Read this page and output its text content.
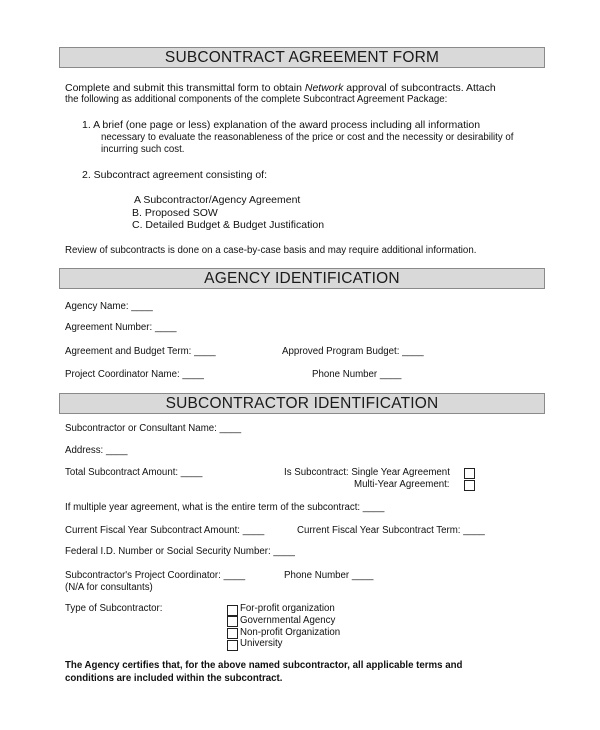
SUBCONTRACT AGREEMENT FORM
Complete and submit this transmittal form to obtain Network approval of subcontracts. Attach
the following as additional components of the complete Subcontract Agreement Package:
1. A brief (one page or less) explanation of the award process including all information
necessary to evaluate the reasonableness of the price or cost and the necessity or desirability of
incurring such cost.
2. Subcontract agreement consisting of:
A Subcontractor/Agency Agreement
B. Proposed SOW
C. Detailed Budget & Budget Justification
Review of subcontracts is done on a case-by-case basis and may require additional information.
AGENCY IDENTIFICATION
Agency Name: ____
Agreement Number: ____
Agreement and Budget Term: ____	Approved Program Budget: ____
Project Coordinator Name: ____	Phone Number ____
SUBCONTRACTOR IDENTIFICATION
Subcontractor or Consultant Name: ____
Address: ____
Total Subcontract Amount: ____	Is Subcontract: Single Year Agreement
Multi-Year Agreement:
If multiple year agreement, what is the entire term of the subcontract: ____
Current Fiscal Year Subcontract Amount: ____	Current Fiscal Year Subcontract Term: ____
Federal I.D. Number or Social Security Number: ____
Subcontractor's Project Coordinator: ____
(N/A for consultants)
Phone Number ____
Type of Subcontractor:	For-profit organization
Governmental Agency
Non-profit Organization
University
The Agency certifies that, for the above named subcontractor, all applicable terms and
conditions are included within the subcontract.
